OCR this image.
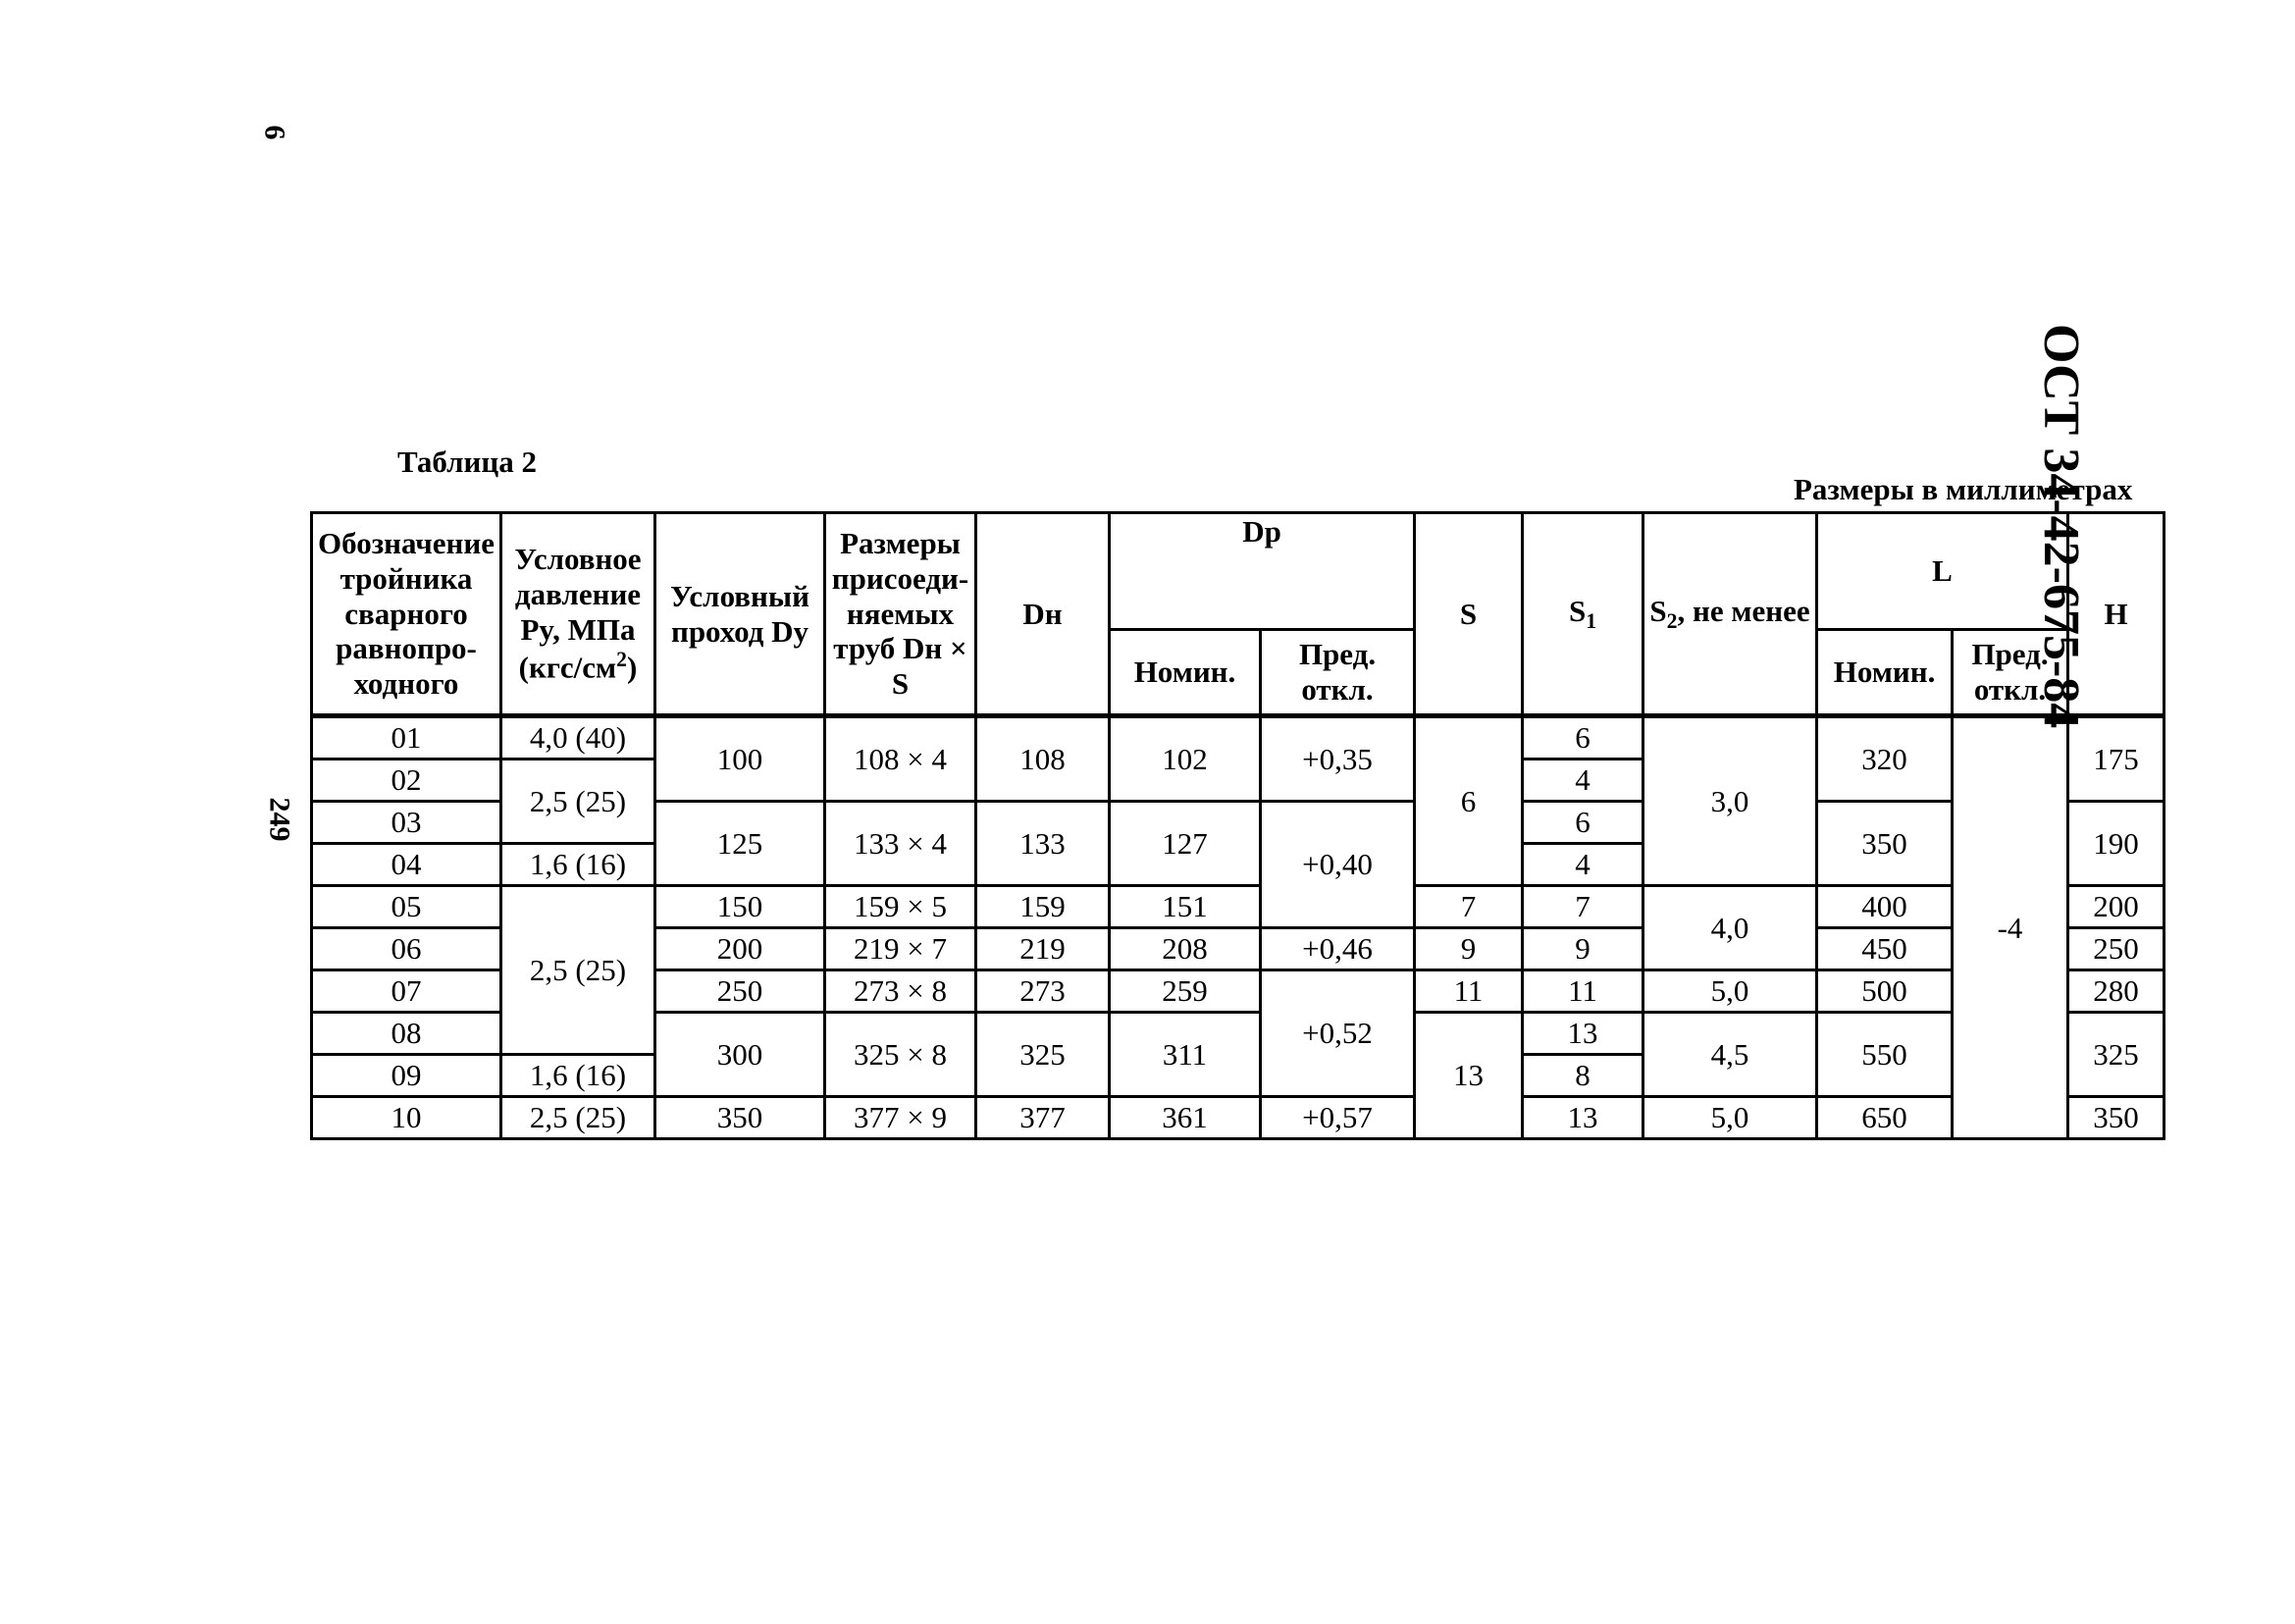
6
249
ОСТ 34-42-675-84
Таблица 2
Размеры в миллиметрах
Обозначение тройника сварного равнопро-ходного	Условное давление Py, МПа $(кгс/см^2)$	Условный проход Dy	Размеры присоеди-няемых труб Dн × S	Dн	Dр		S	$S_1$	$S_2$, не менее	L		H
					Номин.	Пред. откл.				Номин.	Пред. откл.	
01	4,0 (40)	100	108 × 4	108	102	+0,35	6	6	3,0	320	-4	175
02	2,5 (25)							4				
03		125	133 × 4	133	127	+0,40		6		350		190
04	1,6 (16)							4				
05	2,5 (25)	150	159 × 5	159	151		7	7	4,0	400		200
06		200	219 × 7	219	208	+0,46	9	9		450		250
07		250	273 × 8	273	259	+0,52	11	11	5,0	500		280
08		300	325 × 8	325	311		13	13	4,5	550		325
09	1,6 (16)							8				
10	2,5 (25)	350	377 × 9	377	361	+0,57		13	5,0	650		350
